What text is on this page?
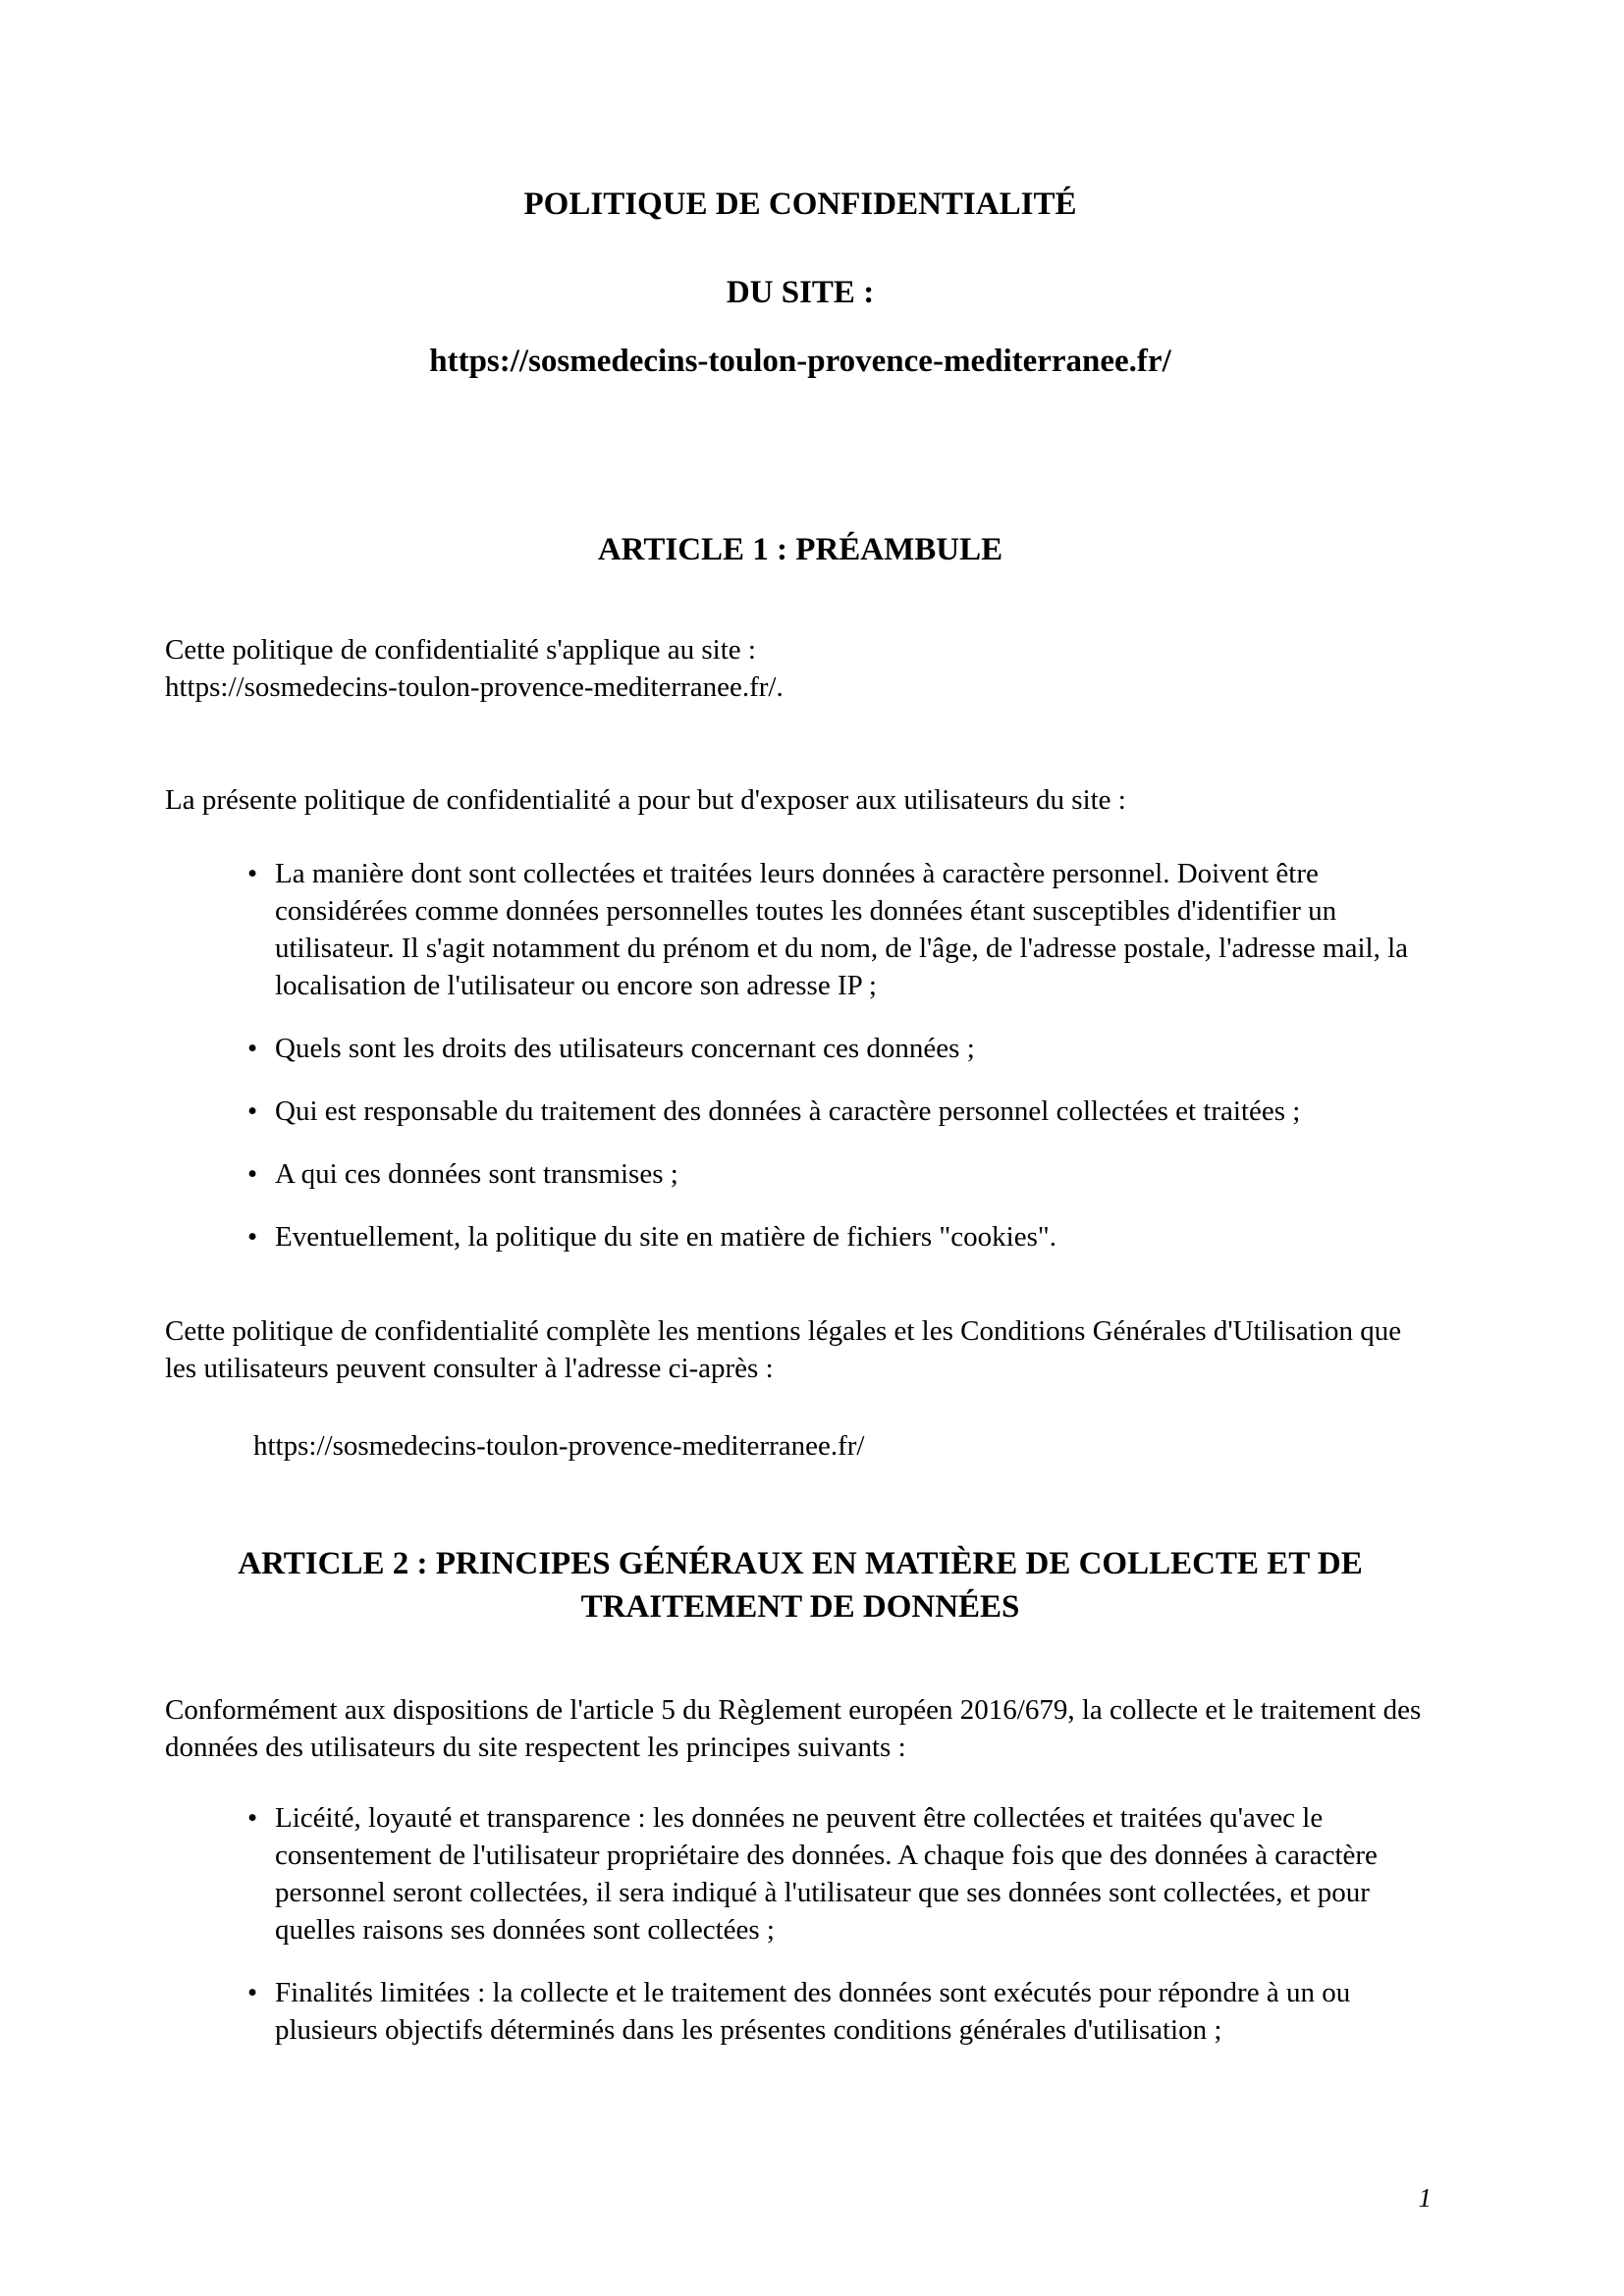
POLITIQUE DE CONFIDENTIALITÉ
DU SITE :
https://sosmedecins-toulon-provence-mediterranee.fr/
ARTICLE 1 : PRÉAMBULE

Cette politique de confidentialité s'applique au site :
https://sosmedecins-toulon-provence-mediterranee.fr/.

La présente politique de confidentialité a pour but d'exposer aux utilisateurs du site :

• La manière dont sont collectées et traitées leurs données à caractère personnel. Doivent être considérées comme données personnelles toutes les données étant susceptibles d'identifier un utilisateur. Il s'agit notamment du prénom et du nom, de l'âge, de l'adresse postale, l'adresse mail, la localisation de l'utilisateur ou encore son adresse IP ;
• Quels sont les droits des utilisateurs concernant ces données ;
• Qui est responsable du traitement des données à caractère personnel collectées et traitées ;
• A qui ces données sont transmises ;
• Eventuellement, la politique du site en matière de fichiers "cookies".

Cette politique de confidentialité complète les mentions légales et les Conditions Générales d'Utilisation que les utilisateurs peuvent consulter à l'adresse ci-après :

https://sosmedecins-toulon-provence-mediterranee.fr/

ARTICLE 2 : PRINCIPES GÉNÉRAUX EN MATIÈRE DE COLLECTE ET DE TRAITEMENT DE DONNÉES

Conformément aux dispositions de l'article 5 du Règlement européen 2016/679, la collecte et le traitement des données des utilisateurs du site respectent les principes suivants :

• Licéité, loyauté et transparence : les données ne peuvent être collectées et traitées qu'avec le consentement de l'utilisateur propriétaire des données. A chaque fois que des données à caractère personnel seront collectées, il sera indiqué à l'utilisateur que ses données sont collectées, et pour quelles raisons ses données sont collectées ;
• Finalités limitées : la collecte et le traitement des données sont exécutés pour répondre à un ou plusieurs objectifs déterminés dans les présentes conditions générales d'utilisation ;
1
